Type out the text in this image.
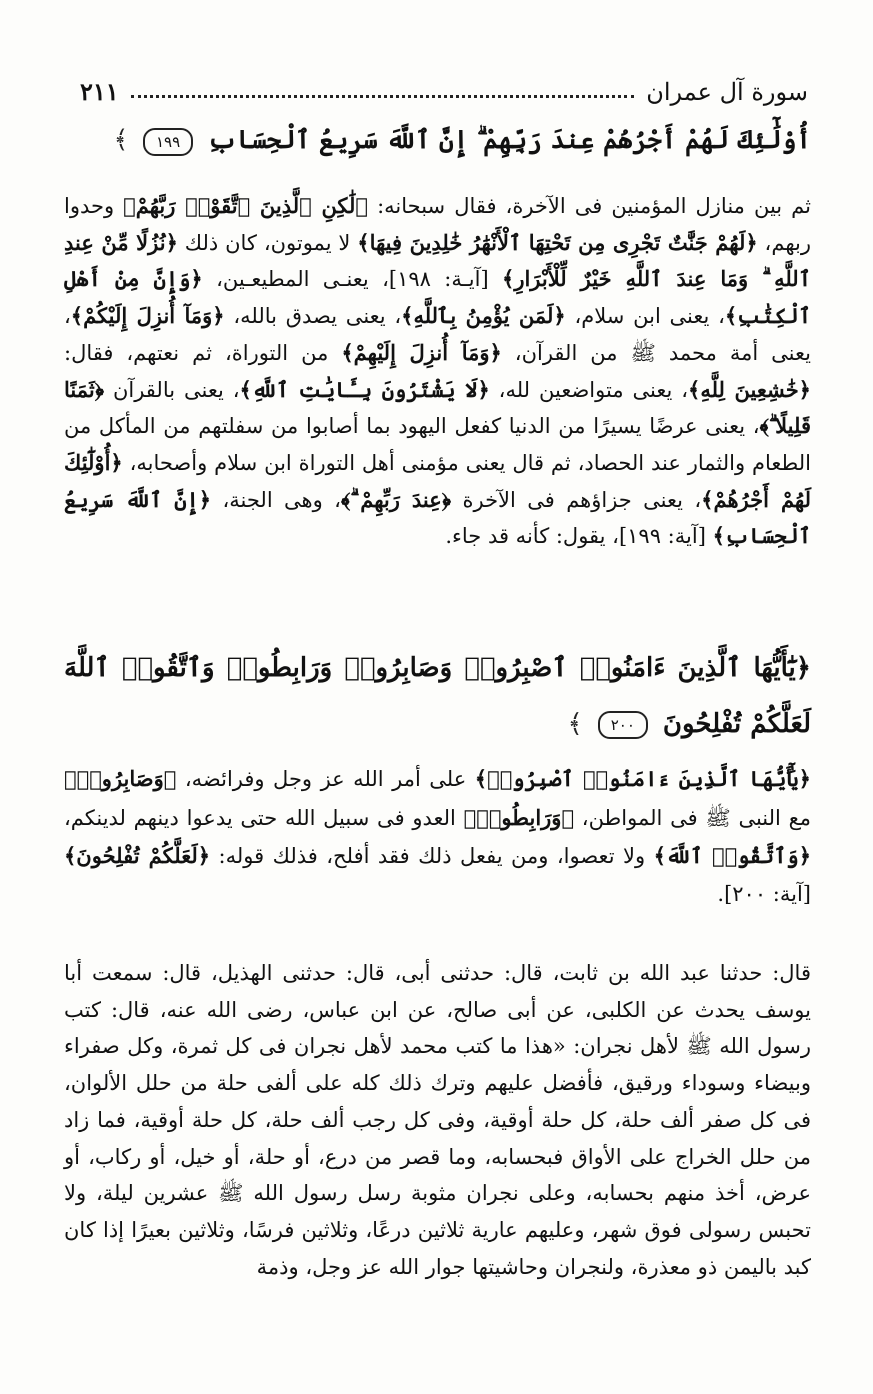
سورة آل عمران
٢١١
أُوْلَٰٓئِكَ لَهُمْ أَجْرُهُمْ عِندَ رَبِّهِمْ ۗ إِنَّ ٱللَّهَ سَرِيعُ ٱلْحِسَابِ ١٩٩ ﴾
ثم بين منازل المؤمنين فى الآخرة، فقال سبحانه: ﴿لَٰكِنِ ٱلَّذِينَ ٱتَّقَوْا۟ رَبَّهُمْ﴾ وحدوا ربهم، ﴿لَهُمْ جَنَّٰتٌ تَجْرِى مِن تَحْتِهَا ٱلْأَنْهَٰرُ خَٰلِدِينَ فِيهَا﴾ لا يموتون، كان ذلك ﴿نُزُلًا مِّنْ عِندِ ٱللَّهِ ۗ وَمَا عِندَ ٱللَّهِ خَيْرٌ لِّلْأَبْرَارِ﴾ [آيـة: ١٩٨]، يعنـى المطيعـين، ﴿وَإِنَّ مِنْ أَهْلِ ٱلْكِتَٰبِ﴾، يعنى ابن سلام، ﴿لَمَن يُؤْمِنُ بِٱللَّهِ﴾، يعنى يصدق بالله، ﴿وَمَآ أُنزِلَ إِلَيْكُمْ﴾، يعنى أمة محمد ﷺ من القرآن، ﴿وَمَآ أُنزِلَ إِلَيْهِمْ﴾ من التوراة، ثم نعتهم، فقال: ﴿خَٰشِعِينَ لِلَّهِ﴾، يعنى متواضعين لله، ﴿لَا يَشْتَرُونَ بِـَٔايَٰتِ ٱللَّهِ﴾، يعنى بالقرآن ﴿ثَمَنًا قَلِيلًا ۗ﴾، يعنى عرضًا يسيرًا من الدنيا كفعل اليهود بما أصابوا من سفلتهم من المأكل من الطعام والثمار عند الحصاد، ثم قال يعنى مؤمنى أهل التوراة ابن سلام وأصحابه، ﴿أُوْلَٰٓئِكَ لَهُمْ أَجْرُهُمْ﴾، يعنى جزاؤهم فى الآخرة ﴿عِندَ رَبِّهِمْ ۗ﴾، وهى الجنة، ﴿إِنَّ ٱللَّهَ سَرِيعُ ٱلْحِسَابِ﴾ [آية: ١٩٩]، يقول: كأنه قد جاء.
﴿يَٰٓأَيُّهَا ٱلَّذِينَ ءَامَنُوا۟ ٱصْبِرُوا۟ وَصَابِرُوا۟ وَرَابِطُوا۟ وَٱتَّقُوا۟ ٱللَّهَ لَعَلَّكُمْ تُفْلِحُونَ ٢٠٠ ﴾
﴿يَٰٓأَيُّهَا ٱلَّذِينَ ءَامَنُوا۟ ٱصْبِرُوا۟﴾ على أمر الله عز وجل وفرائضه، ﴿وَصَابِرُوا۟﴾ مع النبى ﷺ فى المواطن، ﴿وَرَابِطُوا۟﴾ العدو فى سبيل الله حتى يدعوا دينهم لدينكم، ﴿وَٱتَّقُوا۟ ٱللَّهَ﴾ ولا تعصوا، ومن يفعل ذلك فقد أفلح، فذلك قوله: ﴿لَعَلَّكُمْ تُفْلِحُونَ﴾ [آية: ٢٠٠].
قال: حدثنا عبد الله بن ثابت، قال: حدثنى أبى، قال: حدثنى الهذيل، قال: سمعت أبا يوسف يحدث عن الكلبى، عن أبى صالح، عن ابن عباس، رضى الله عنه، قال: كتب رسول الله ﷺ لأهل نجران: «هذا ما كتب محمد لأهل نجران فى كل ثمرة، وكل صفراء وبيضاء وسوداء ورقيق، فأفضل عليهم وترك ذلك كله على ألفى حلة من حلل الألوان، فى كل صفر ألف حلة، كل حلة أوقية، وفى كل رجب ألف حلة، كل حلة أوقية، فما زاد من حلل الخراج على الأواق فبحسابه، وما قصر من درع، أو حلة، أو خيل، أو ركاب، أو عرض، أخذ منهم بحسابه، وعلى نجران مثوبة رسل رسول الله ﷺ عشرين ليلة، ولا تحبس رسولى فوق شهر، وعليهم عارية ثلاثين درعًا، وثلاثين فرسًا، وثلاثين بعيرًا إذا كان كبد باليمن ذو معذرة، ولنجران وحاشيتها جوار الله عز وجل، وذمة
